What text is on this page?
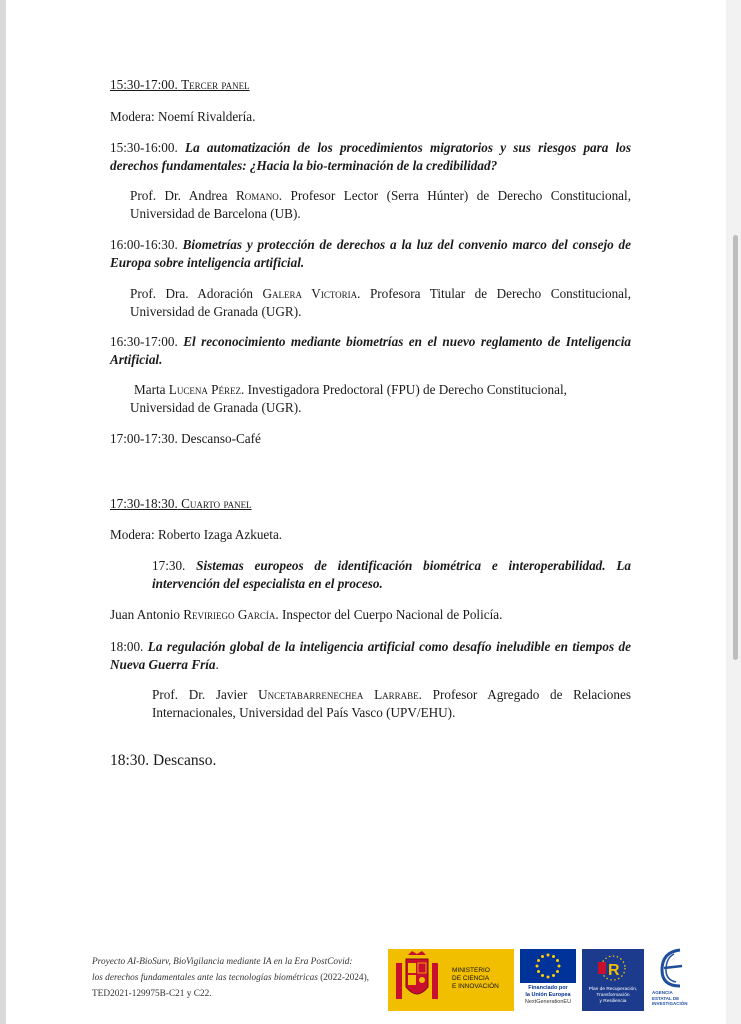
15:30-17:00. Tercer panel

Modera: Noemí Rivaldería.

15:30-16:00. La automatización de los procedimientos migratorios y sus riesgos para los derechos fundamentales: ¿Hacia la bio-terminación de la credibilidad?

Prof. Dr. Andrea Romano. Profesor Lector (Serra Húnter) de Derecho Constitucional, Universidad de Barcelona (UB).

16:00-16:30. Biometrías y protección de derechos a la luz del convenio marco del consejo de Europa sobre inteligencia artificial.

Prof. Dra. Adoración Galera Victoria. Profesora Titular de Derecho Constitucional, Universidad de Granada (UGR).

16:30-17:00. El reconocimiento mediante biometrías en el nuevo reglamento de Inteligencia Artificial.

Marta Lucena Pérez. Investigadora Predoctoral (FPU) de Derecho Constitucional, Universidad de Granada (UGR).

17:00-17:30. Descanso-Café

17:30-18:30. Cuarto panel

Modera: Roberto Izaga Azkueta.

17:30. Sistemas europeos de identificación biométrica e interoperabilidad. La intervención del especialista en el proceso.

Juan Antonio Reviriego García. Inspector del Cuerpo Nacional de Policía.

18:00. La regulación global de la inteligencia artificial como desafío ineludible en tiempos de Nueva Guerra Fría.

Prof. Dr. Javier Uncetabarrenechea Larrabe. Profesor Agregado de Relaciones Internacionales, Universidad del País Vasco (UPV/EHU).

18:30. Descanso.

Proyecto AI-BioSurv, BioVigilancia mediante IA en la Era PostCovid:
los derechos fundamentales ante las tecnologías biométricas (2022-2024),
TED2021-129975B-C21 y C22.
MINISTERIO
DE CIENCIA
E INNOVACIÓN	Financiado por
la Unión Europea
NextGenerationEU
R
Plan de Recuperación,
Transformación
y Resiliencia
AGENCIA
ESTATAL DE
INVESTIGACIÓN
